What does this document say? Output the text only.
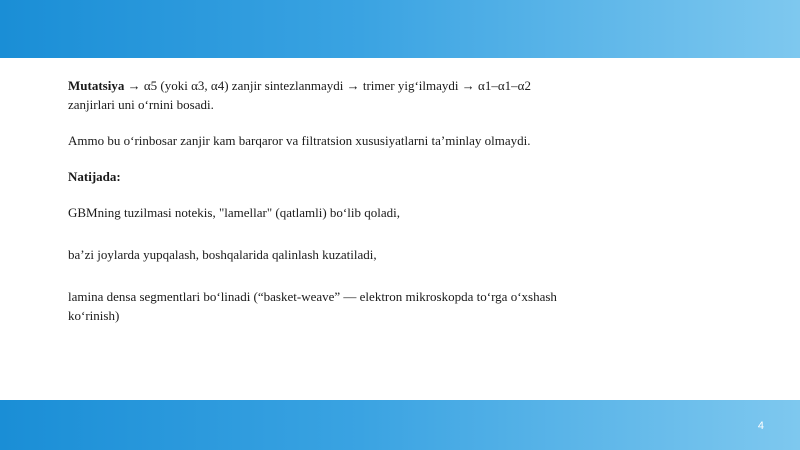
Mutatsiya → α5 (yoki α3, α4) zanjir sintezlanmaydi → trimer yig‘ilmaydi → α1–α1–α2 zanjirlari uni o‘rnini bosadi.

Ammo bu o‘rinbosar zanjir kam barqaror va filtratsion xususiyatlarni ta’minlay olmaydi.

Natijada:

GBMning tuzilmasi notekis, "lamellar" (qatlamli) bo‘lib qoladi,

ba’zi joylarda yupqalash, boshqalarida qalinlash kuzatiladi,

lamina densa segmentlari bo‘linadi (“basket-weave” — elektron mikroskopda to‘rga o‘xshash ko‘rinish)

4
